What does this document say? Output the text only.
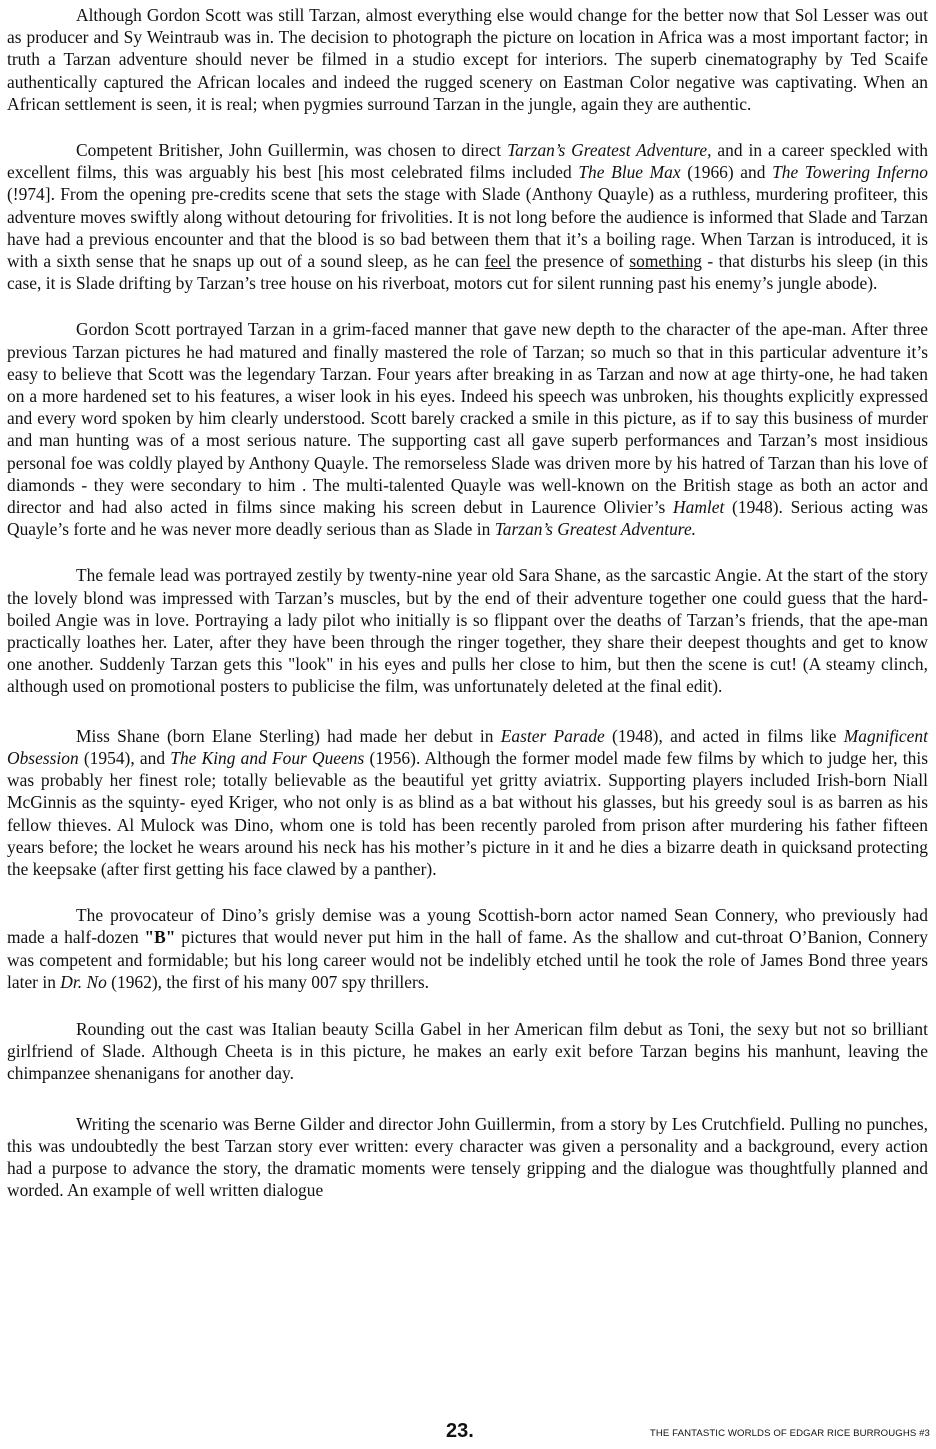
Although Gordon Scott was still Tarzan, almost everything else would change for the better now that Sol Lesser was out as producer and Sy Weintraub was in. The decision to photograph the picture on location in Africa was a most important factor; in truth a Tarzan adventure should never be filmed in a studio except for interiors. The superb cinematography by Ted Scaife authentically captured the African locales and indeed the rugged scenery on Eastman Color negative was captivating. When an African settlement is seen, it is real; when pygmies surround Tarzan in the jungle, again they are authentic.

Competent Britisher, John Guillermin, was chosen to direct Tarzan’s Greatest Adventure, and in a career speckled with excellent films, this was arguably his best [his most celebrated films included The Blue Max (1966) and The Towering Inferno (!974]. From the opening pre-credits scene that sets the stage with Slade (Anthony Quayle) as a ruthless, murdering profiteer, this adventure moves swiftly along without detouring for frivolities. It is not long before the audience is informed that Slade and Tarzan have had a previous encounter and that the blood is so bad between them that it’s a boiling rage. When Tarzan is introduced, it is with a sixth sense that he snaps up out of a sound sleep, as he can feel the presence of something - that disturbs his sleep (in this case, it is Slade drifting by Tarzan’s tree house on his riverboat, motors cut for silent running past his enemy’s jungle abode).

Gordon Scott portrayed Tarzan in a grim-faced manner that gave new depth to the character of the ape-man. After three previous Tarzan pictures he had matured and finally mastered the role of Tarzan; so much so that in this particular adventure it’s easy to believe that Scott was the legendary Tarzan. Four years after breaking in as Tarzan and now at age thirty-one, he had taken on a more hardened set to his features, a wiser look in his eyes. Indeed his speech was unbroken, his thoughts explicitly expressed and every word spoken by him clearly understood. Scott barely cracked a smile in this picture, as if to say this business of murder and man hunting was of a most serious nature. The supporting cast all gave superb performances and Tarzan’s most insidious personal foe was coldly played by Anthony Quayle. The remorseless Slade was driven more by his hatred of Tarzan than his love of diamonds - they were secondary to him . The multi-talented Quayle was well-known on the British stage as both an actor and director and had also acted in films since making his screen debut in Laurence Olivier’s Hamlet (1948). Serious acting was Quayle’s forte and he was never more deadly serious than as Slade in Tarzan’s Greatest Adventure.

The female lead was portrayed zestily by twenty-nine year old Sara Shane, as the sarcastic Angie. At the start of the story the lovely blond was impressed with Tarzan’s muscles, but by the end of their adventure together one could guess that the hard-boiled Angie was in love. Portraying a lady pilot who initially is so flippant over the deaths of Tarzan’s friends, that the ape-man practically loathes her. Later, after they have been through the ringer together, they share their deepest thoughts and get to know one another. Suddenly Tarzan gets this "look" in his eyes and pulls her close to him, but then the scene is cut! (A steamy clinch, although used on promotional posters to publicise the film, was unfortunately deleted at the final edit).

Miss Shane (born Elane Sterling) had made her debut in Easter Parade (1948), and acted in films like Magnificent Obsession (1954), and The King and Four Queens (1956). Although the former model made few films by which to judge her, this was probably her finest role; totally believable as the beautiful yet gritty aviatrix. Supporting players included Irish-born Niall McGinnis as the squinty- eyed Kriger, who not only is as blind as a bat without his glasses, but his greedy soul is as barren as his fellow thieves. Al Mulock was Dino, whom one is told has been recently paroled from prison after murdering his father fifteen years before; the locket he wears around his neck has his mother’s picture in it and he dies a bizarre death in quicksand protecting the keepsake (after first getting his face clawed by a panther).

The provocateur of Dino’s grisly demise was a young Scottish-born actor named Sean Connery, who previously had made a half-dozen "B" pictures that would never put him in the hall of fame. As the shallow and cut-throat O’Banion, Connery was competent and formidable; but his long career would not be indelibly etched until he took the role of James Bond three years later in Dr. No (1962), the first of his many 007 spy thrillers.

Rounding out the cast was Italian beauty Scilla Gabel in her American film debut as Toni, the sexy but not so brilliant girlfriend of Slade. Although Cheeta is in this picture, he makes an early exit before Tarzan begins his manhunt, leaving the chimpanzee shenanigans for another day.

Writing the scenario was Berne Gilder and director John Guillermin, from a story by Les Crutchfield. Pulling no punches, this was undoubtedly the best Tarzan story ever written: every character was given a personality and a background, every action had a purpose to advance the story, the dramatic moments were tensely gripping and the dialogue was thoughtfully planned and worded. An example of well written dialogue

23.	THE FANTASTIC WORLDS OF EDGAR RICE BURROUGHS #3
